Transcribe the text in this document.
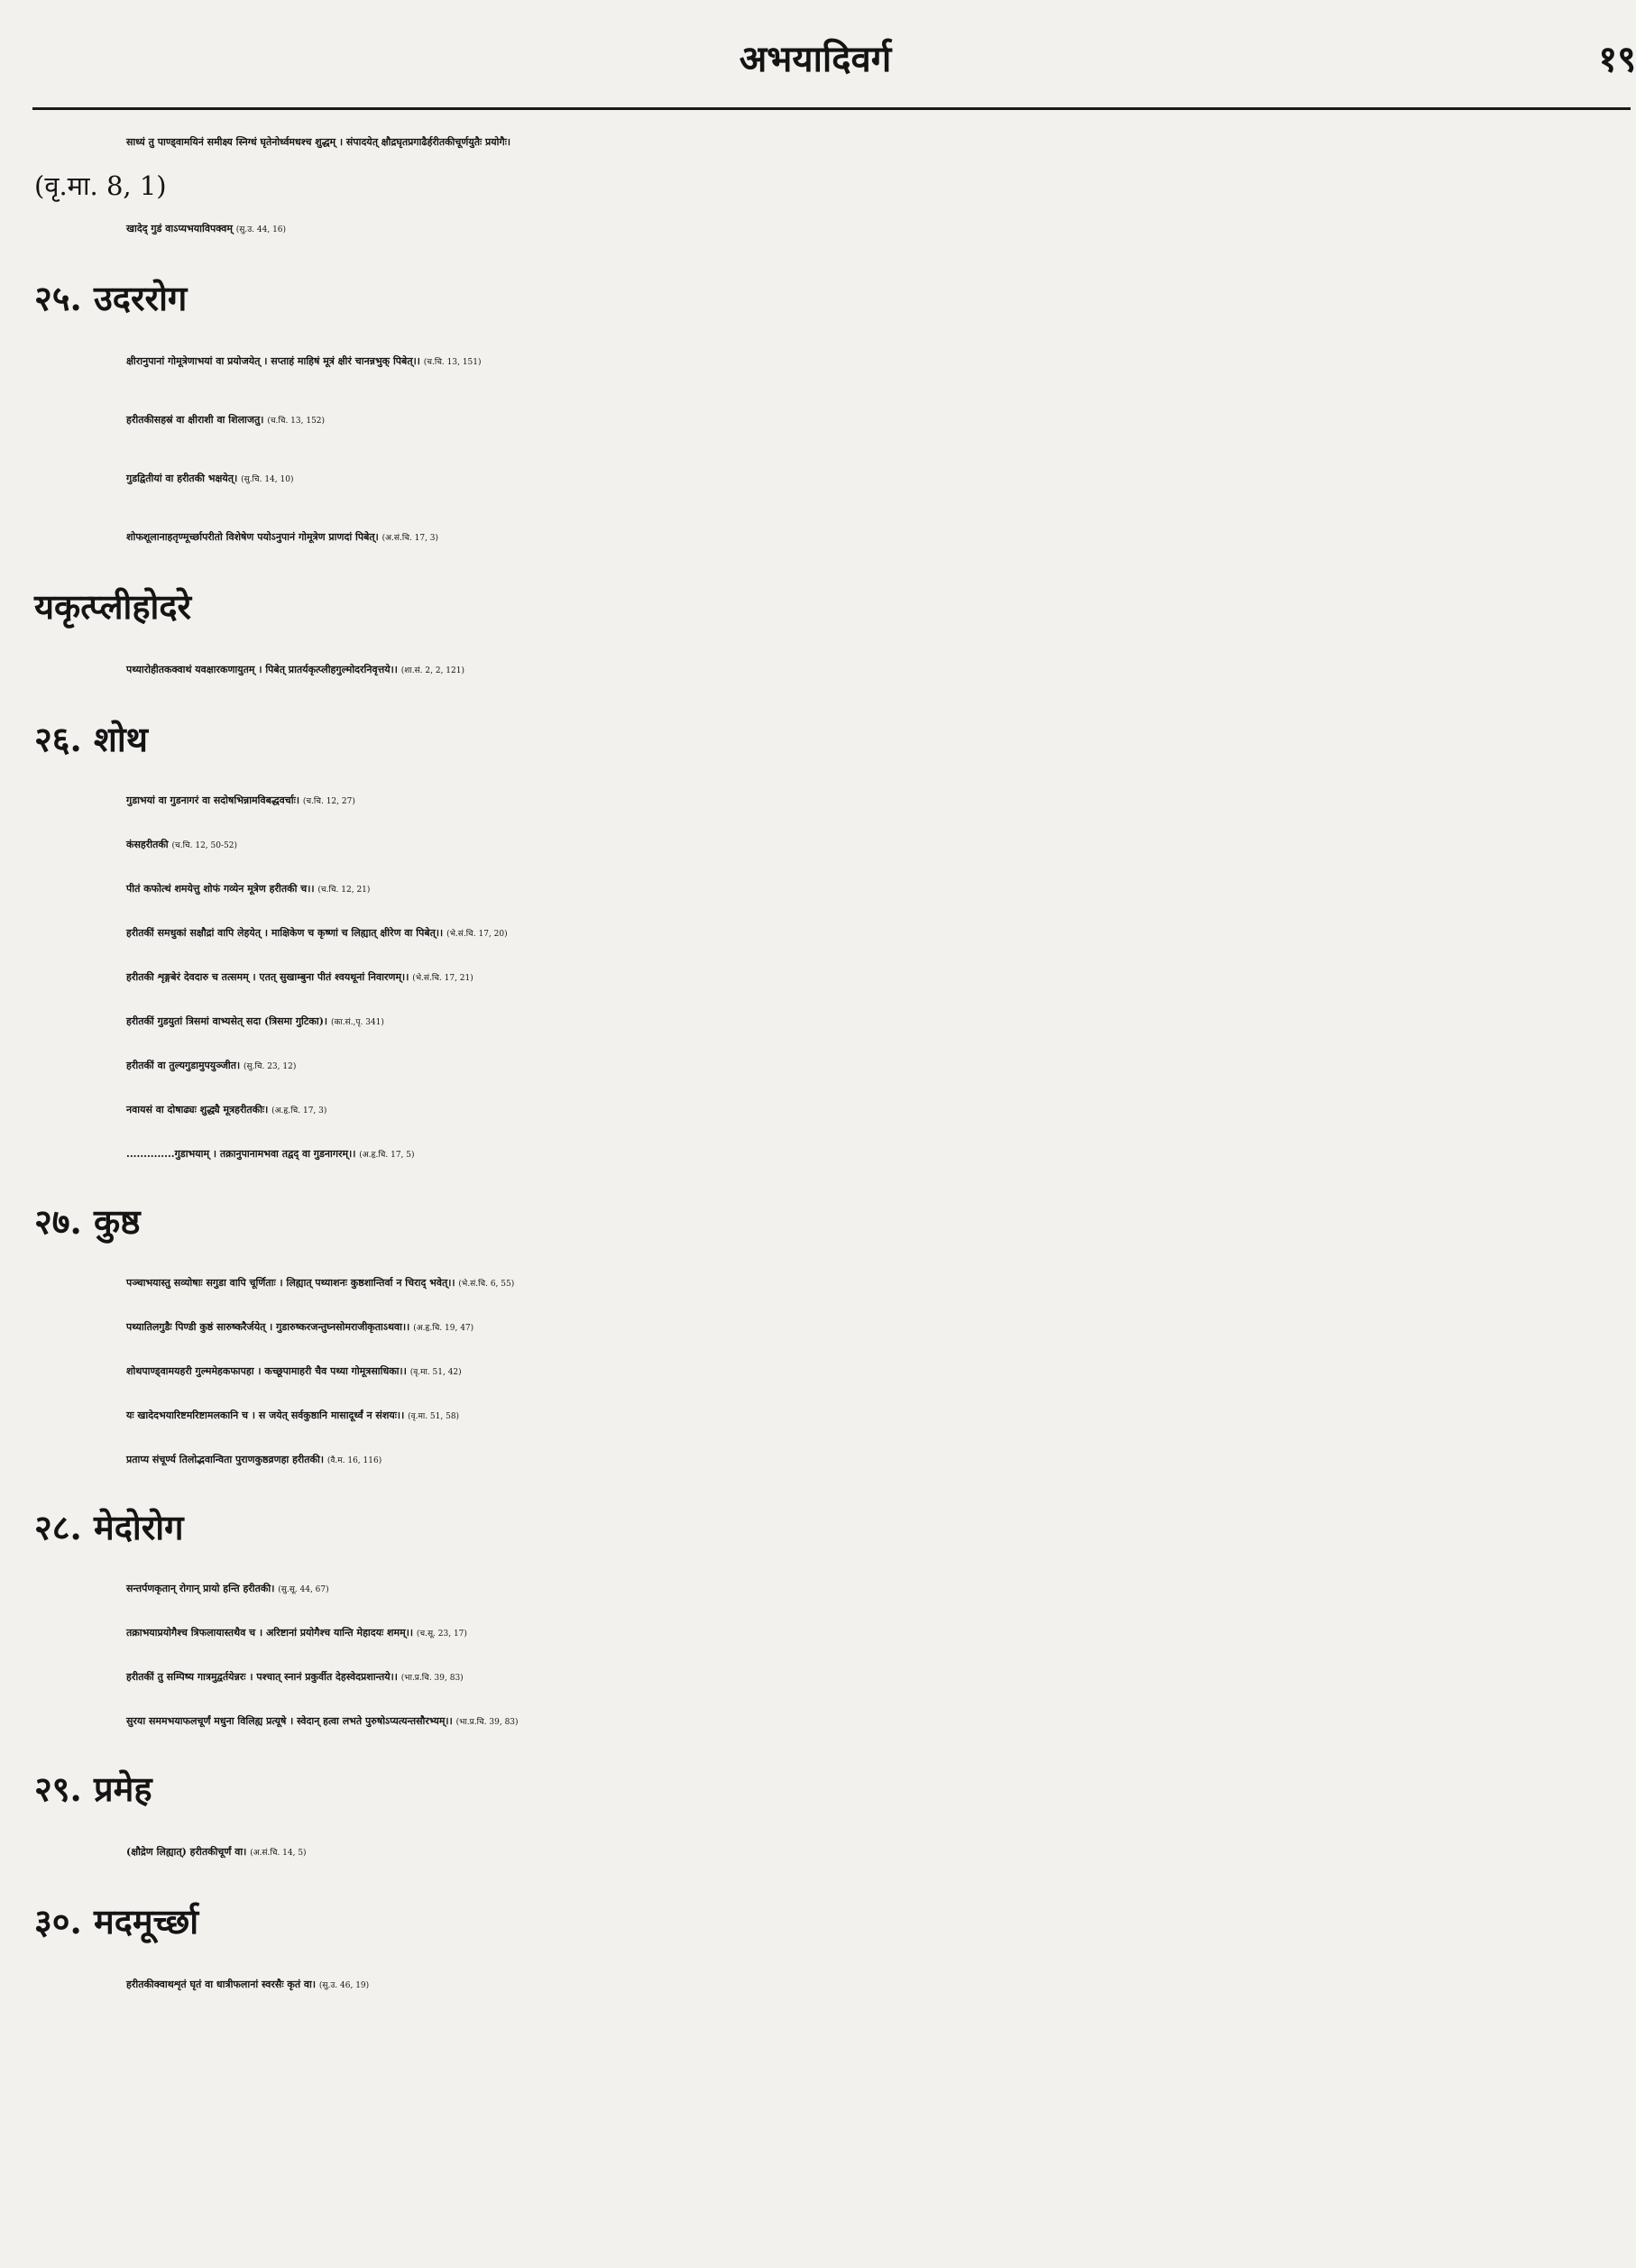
अभयादिवर्ग	१९

साध्यं तु पाण्ड्वामयिनं समीक्ष्य स्निग्धं घृतेनोर्ध्वमधश्च शुद्धम् । संपादयेत् क्षौद्रघृतप्रगाढैर्हरीतकीचूर्णयुतैः प्रयोगैः।

(वृ.मा. 8, 1)

खादेद् गुडं वाऽप्यभयाविपक्वम् (सु.उ. 44, 16)

२५. उदररोग

क्षीरानुपानां गोमूत्रेणाभयां वा प्रयोजयेत् । सप्ताहं माहिषं मूत्रं क्षीरं चानन्नभुक् पिबेत्।। (च.चि. 13, 151)

हरीतकीसहस्रं वा क्षीराशी वा शिलाजतु। (च.चि. 13, 152)

गुडद्वितीयां वा हरीतकी भक्षयेत्। (सु.चि. 14, 10)

शोफशूलानाहतृण्मूर्च्छापरीतो विशेषेण पयोऽनुपानं गोमूत्रेण प्राणदां पिबेत्। (अ.सं.चि. 17, 3)

यकृत्प्लीहोदरे

पथ्यारोहीतकक्वाथं यवक्षारकणायुतम् । पिबेत् प्रातर्यकृत्प्लीहगुल्मोदरनिवृत्तये।। (शा.सं. 2, 2, 121)

२६. शोथ

गुडाभयां वा गुडनागरं वा सदोषभिन्नामविबद्धवर्चाः। (च.चि. 12, 27)

कंसहरीतकी (च.चि. 12, 50-52)

पीतं कफोत्थं शमयेत्तु शोफं गव्येन मूत्रेण हरीतकी च।। (च.चि. 12, 21)

हरीतकीं समधुकां सक्षौद्रां वापि लेहयेत् । माक्षिकेण च कृष्णां च लिह्यात् क्षीरेण वा पिबेत्।। (भे.सं.चि. 17, 20)

हरीतकी शृङ्गबेरं देवदारु च तत्समम् । एतत् सुखाम्बुना पीतं श्वयथूनां निवारणम्।। (भे.सं.चि. 17, 21)

हरीतकीं गुडयुतां त्रिसमां वाभ्यसेत् सदा (त्रिसमा गुटिका)। (का.सं.,पृ. 341)

हरीतकीं वा तुल्यगुडामुपयुञ्जीत। (सु.चि. 23, 12)

नवायसं वा दोषाढ्यः शुद्ध्यै मूत्रहरीतकीः। (अ.हृ.चि. 17, 3)

..............गुडाभयाम् । तक्रानुपानामभवा तद्वद् वा गुडनागरम्।। (अ.हृ.चि. 17, 5)

२७. कुष्ठ

पञ्चाभयास्तु सव्योषाः सगुडा वापि चूर्णिताः । लिह्यात् पथ्याशनः कुष्ठशान्तिर्वा न चिराद् भवेत्।। (भे.सं.चि. 6, 55)

पथ्यातिलगुडैः पिण्डी कुष्ठं सारुष्करैर्जयेत् । गुडारुष्करजन्तुघ्नसोमराजीकृताऽथवा।। (अ.हृ.चि. 19, 47)

शोथपाण्ड्वामयहरी गुल्ममेहकफापहा । कच्छूपामाहरी चैव पथ्या गोमूत्रसाधिका।। (वृ.मा. 51, 42)

यः खादेदभयारिष्टमरिष्टामलकानि च । स जयेत् सर्वकुष्ठानि मासादूर्ध्वं न संशयः।। (वृ.मा. 51, 58)

प्रताप्य संचूर्ण्य तिलोद्भवान्विता पुराणकुष्ठव्रणहा हरीतकी। (वै.म. 16, 116)

२८. मेदोरोग

सन्तर्पणकृतान् रोगान् प्रायो हन्ति हरीतकी। (सु.सू. 44, 67)

तक्राभयाप्रयोगैश्च त्रिफलायास्तथैव च । अरिष्टानां प्रयोगैश्च यान्ति मेहादयः शमम्।। (च.सू. 23, 17)

हरीतकीं तु सम्पिष्य गात्रमुद्वर्तयेन्नरः । पश्चात् स्नानं प्रकुर्वीत देहस्वेदप्रशान्तये।। (भा.प्र.चि. 39, 83)

सुरया सममभयाफलचूर्णं मधुना विलिह्य प्रत्यूषे । स्वेदान् हत्वा लभते पुरुषोऽप्यत्यन्तसौरभ्यम्।। (भा.प्र.चि. 39, 83)

२९. प्रमेह

(क्षौद्रेण लिह्यात्) हरीतकीचूर्णं वा। (अ.सं.चि. 14, 5)

३०. मदमूर्च्छा

हरीतकीक्वाथशृतं घृतं वा धात्रीफलानां स्वरसैः कृतं वा। (सु.उ. 46, 19)
